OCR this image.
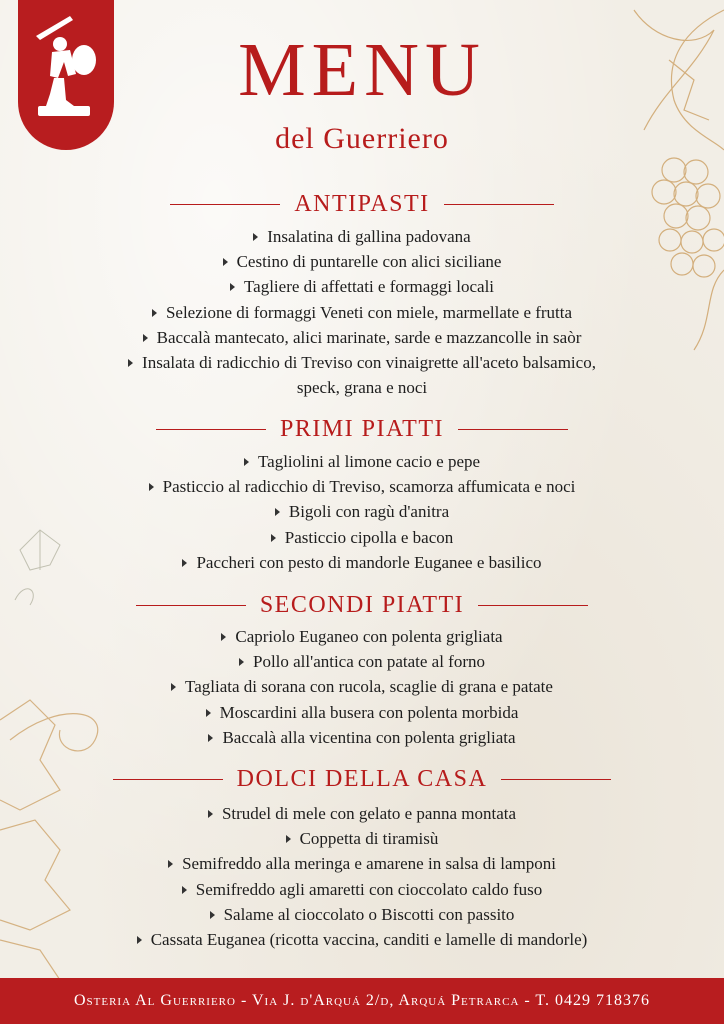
MENU
del Guerriero
ANTIPASTI
Insalatina di gallina padovana
Cestino di puntarelle con alici siciliane
Tagliere di affettati e formaggi locali
Selezione di formaggi Veneti con miele, marmellate e frutta
Baccalà mantecato, alici marinate, sarde e mazzancolle in saòr
Insalata di radicchio di Treviso con vinaigrette all'aceto balsamico,
speck, grana e noci
PRIMI PIATTI
Tagliolini al limone cacio e pepe
Pasticcio al radicchio di Treviso, scamorza affumicata e noci
Bigoli con ragù d'anitra
Pasticcio cipolla e bacon
Paccheri con pesto di mandorle Euganee e basilico
SECONDI PIATTI
Capriolo Euganeo con polenta grigliata
Pollo all'antica con patate al forno
Tagliata di sorana con rucola, scaglie di grana e patate
Moscardini alla busera con polenta morbida
Baccalà alla vicentina con polenta grigliata
DOLCI DELLA CASA
Strudel di mele con gelato e panna montata
Coppetta di tiramisù
Semifreddo alla meringa e amarene in salsa di lamponi
Semifreddo agli amaretti con cioccolato caldo fuso
Salame al cioccolato o Biscotti con passito
Cassata Euganea (ricotta vaccina, canditi e lamelle di mandorle)
Osteria Al Guerriero - Via J. d'Arquá 2/d, Arquá Petrarca - T. 0429 718376
